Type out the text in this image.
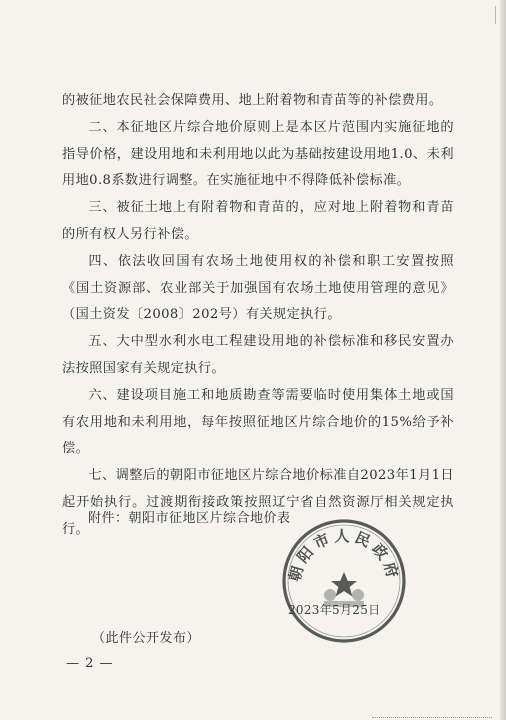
的被征地农民社会保障费用、地上附着物和青苗等的补偿费用。

二、本征地区片综合地价原则上是本区片范围内实施征地的指导价格，建设用地和未利用地以此为基础按建设用地1.0、未利用地0.8系数进行调整。在实施征地中不得降低补偿标准。

三、被征土地上有附着物和青苗的，应对地上附着物和青苗的所有权人另行补偿。

四、依法收回国有农场土地使用权的补偿和职工安置按照《国土资源部、农业部关于加强国有农场土地使用管理的意见》（国土资发〔2008〕202号）有关规定执行。

五、大中型水利水电工程建设用地的补偿标准和移民安置办法按照国家有关规定执行。

六、建设项目施工和地质勘查等需要临时使用集体土地或国有农用地和未利用地，每年按照征地区片综合地价的15%给予补偿。

七、调整后的朝阳市征地区片综合地价标准自2023年1月1日起开始执行。过渡期衔接政策按照辽宁省自然资源厅相关规定执行。

附件：朝阳市征地区片综合地价表
朝阳市人民政府
2023年5月25日
（此件公开发布）
— 2 —
